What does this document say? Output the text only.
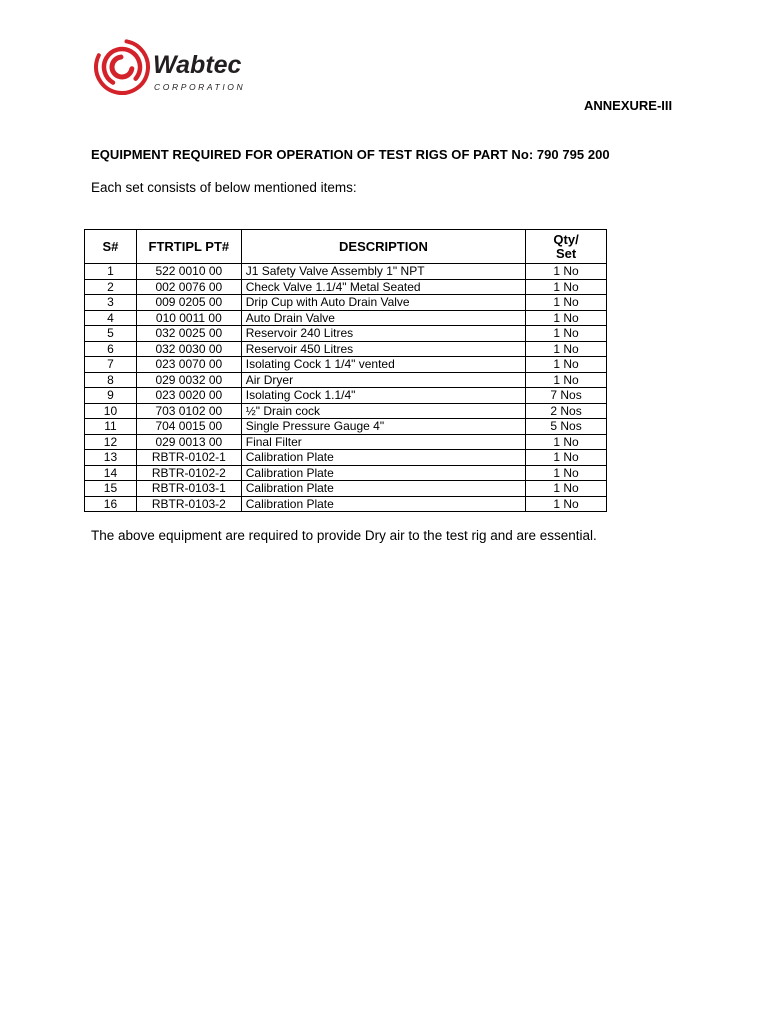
Wabtec
CORPORATION
ANNEXURE-III
EQUIPMENT REQUIRED FOR OPERATION OF TEST RIGS OF PART No: 790 795 200
Each set consists of below mentioned items:
S#	FTRTIPL PT#	DESCRIPTION	Qty/
Set

1	522 0010 00	J1 Safety Valve Assembly 1" NPT	1 No
2	002 0076 00	Check Valve 1.1/4" Metal Seated	1 No
3	009 0205 00	Drip Cup with Auto Drain Valve	1 No
4	010 0011 00	Auto Drain Valve	1 No
5	032 0025 00	Reservoir 240 Litres	1 No
6	032 0030 00	Reservoir 450 Litres	1 No
7	023 0070 00	Isolating Cock 1 1/4" vented	1 No
8	029 0032 00	Air Dryer	1 No
9	023 0020 00	Isolating Cock 1.1/4"	7 Nos
10	703 0102 00	½" Drain cock	2 Nos
11	704 0015 00	Single Pressure Gauge 4"	5 Nos
12	029 0013 00	Final Filter	1 No
13	RBTR-0102-1	Calibration Plate	1 No
14	RBTR-0102-2	Calibration Plate	1 No
15	RBTR-0103-1	Calibration Plate	1 No
16	RBTR-0103-2	Calibration Plate	1 No
The above equipment are required to provide Dry air to the test rig and are essential.
